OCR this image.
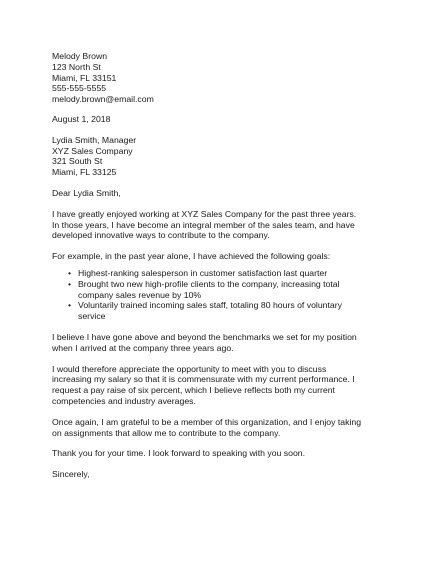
Melody Brown
123 North St
Miami, FL 33151
555-555-5555
melody.brown@email.com
August 1, 2018
Lydia Smith, Manager
XYZ Sales Company
321 South St
Miami, FL 33125
Dear Lydia Smith,
I have greatly enjoyed working at XYZ Sales Company for the past three years.
In those years, I have become an integral member of the sales team, and have
developed innovative ways to contribute to the company.
For example, in the past year alone, I have achieved the following goals:
• Highest-ranking salesperson in customer satisfaction last quarter
• Brought two new high-profile clients to the company, increasing total
company sales revenue by 10%
• Voluntarily trained incoming sales staff, totaling 80 hours of voluntary
service
I believe I have gone above and beyond the benchmarks we set for my position
when I arrived at the company three years ago.
I would therefore appreciate the opportunity to meet with you to discuss
increasing my salary so that it is commensurate with my current performance. I
request a pay raise of six percent, which I believe reflects both my current
competencies and industry averages.
Once again, I am grateful to be a member of this organization, and I enjoy taking
on assignments that allow me to contribute to the company.
Thank you for your time. I look forward to speaking with you soon.
Sincerely,
